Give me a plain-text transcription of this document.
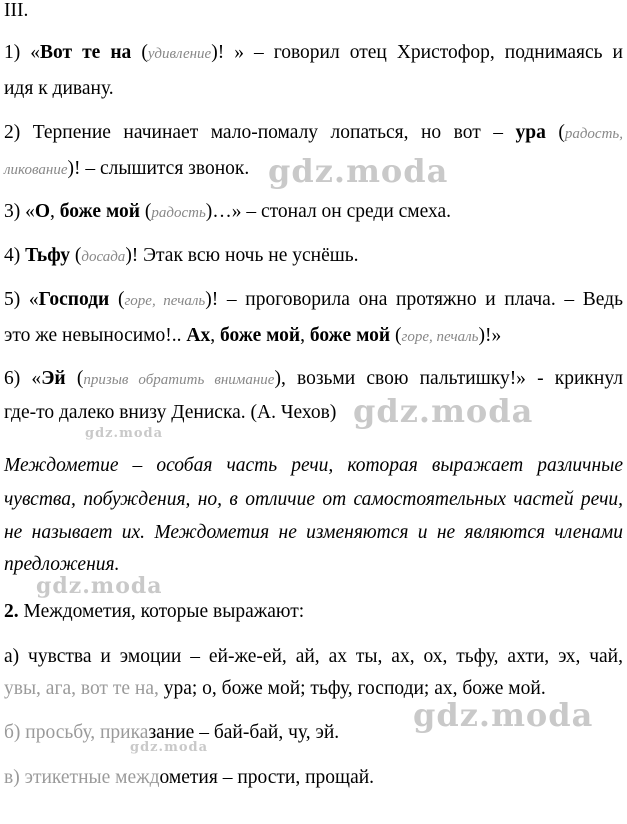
III.
1) «Вот те на (удивление)! » – говорил отец Христофор, поднимаясь и
идя к дивану.
2) Терпение начинает мало-помалу лопаться, но вот – ура (радость,
ликование)! – слышится звонок.
3) «О, боже мой (радость)…» – стонал он среди смеха.
4) Тьфу (досада)! Этак всю ночь не уснёшь.
5) «Господи (горе, печаль)! – проговорила она протяжно и плача. – Ведь
это же невыносимо!.. Ах, боже мой, боже мой (горе, печаль)!»
6) «Эй (призыв обратить внимание), возьми свою пальтишку!» - крикнул
где-то далеко внизу Дениска. (А. Чехов)
Междометие – особая часть речи, которая выражает различные
чувства, побуждения, но, в отличие от самостоятельных частей речи,
не называет их. Междометия не изменяются и не являются членами
предложения.
2. Междометия, которые выражают:
а) чувства и эмоции – ей-же-ей, ай, ах ты, ах, ох, тьфу, ахти, эх, чай,
увы, ага, вот те на, ура; о, боже мой; тьфу, господи; ах, боже мой.
б) просьбу, приказание – бай-бай, чу, эй.
в) этикетные междометия – прости, прощай.
gdz.moda
gdz.moda
gdz.moda
gdz.moda
gdz.moda
gdz.moda
